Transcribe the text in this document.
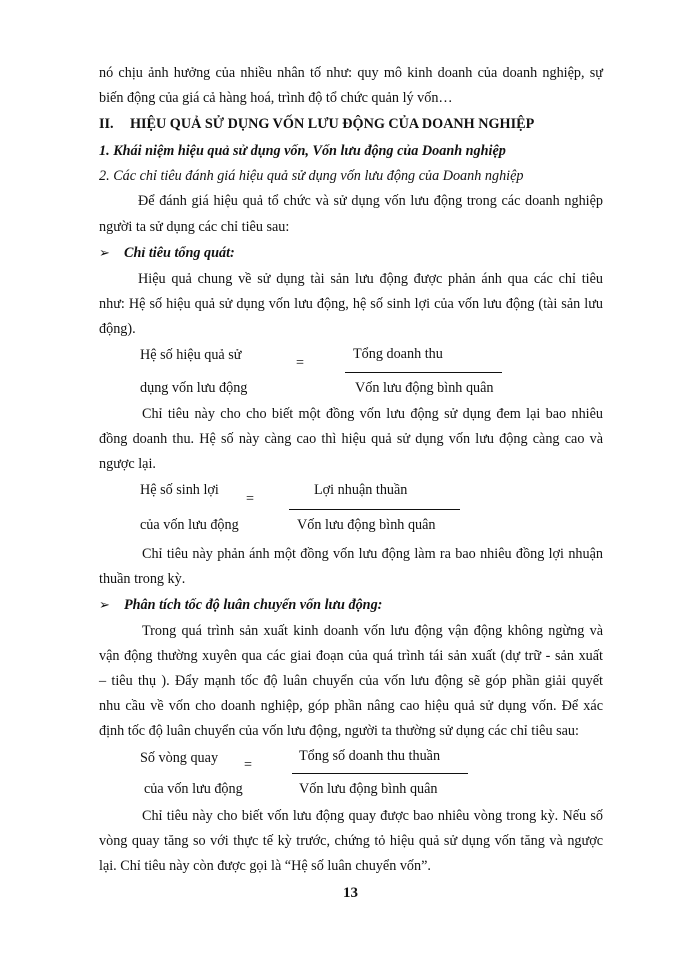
nó chịu ảnh hưởng của nhiều nhân tố như: quy mô kinh doanh của doanh nghiệp, sự
biến động của giá cả hàng hoá, trình độ tổ chức quản lý vốn…
II. HIỆU QUẢ SỬ DỤNG VỐN LƯU ĐỘNG CỦA DOANH NGHIỆP
1. Khái niệm hiệu quả sử dụng vốn, Vốn lưu động của Doanh nghiệp
2. Các chỉ tiêu đánh giá hiệu quả sử dụng vốn lưu động của Doanh nghiệp
Để đánh giá hiệu quả tổ chức và sử dụng vốn lưu động trong các doanh nghiệp
người ta sử dụng các chỉ tiêu sau:
➢ Chỉ tiêu tổng quát:
Hiệu quả chung về sử dụng tài sản lưu động được phản ánh qua các chỉ tiêu
như: Hệ số hiệu quả sử dụng vốn lưu động, hệ số sinh lợi của vốn lưu động (tài sản lưu
động).
Hệ số hiệu quả sử	=
Tổng doanh thu
dụng vốn lưu động	Vốn lưu động bình quân
Chỉ tiêu này cho cho biết một đồng vốn lưu động sử dụng đem lại bao nhiêu
đồng doanh thu. Hệ số này càng cao thì hiệu quả sử dụng vốn lưu động càng cao và
ngược lại.
Hệ số sinh lợi
=
Lợi nhuận thuần
của vốn lưu động	Vốn lưu động bình quân
Chỉ tiêu này phản ánh một đồng vốn lưu động làm ra bao nhiêu đồng lợi nhuận
thuần trong kỳ.
➢ Phân tích tốc độ luân chuyển vốn lưu động:
Trong quá trình sản xuất kinh doanh vốn lưu động vận động không ngừng và
vận động thường xuyên qua các giai đoạn của quá trình tái sản xuất (dự trữ - sản xuất
– tiêu thụ ). Đẩy mạnh tốc độ luân chuyển của vốn lưu động sẽ góp phần giải quyết
nhu cầu về vốn cho doanh nghiệp, góp phần nâng cao hiệu quả sử dụng vốn. Để xác
định tốc độ luân chuyển của vốn lưu động, người ta thường sử dụng các chỉ tiêu sau:
Số vòng quay =
Tổng số doanh thu thuần
của vốn lưu động	Vốn lưu động bình quân
Chỉ tiêu này cho biết vốn lưu động quay được bao nhiêu vòng trong kỳ. Nếu số
vòng quay tăng so với thực tế kỳ trước, chứng tỏ hiệu quả sử dụng vốn tăng và ngược
lại. Chỉ tiêu này còn được gọi là “Hệ số luân chuyển vốn”.
13
